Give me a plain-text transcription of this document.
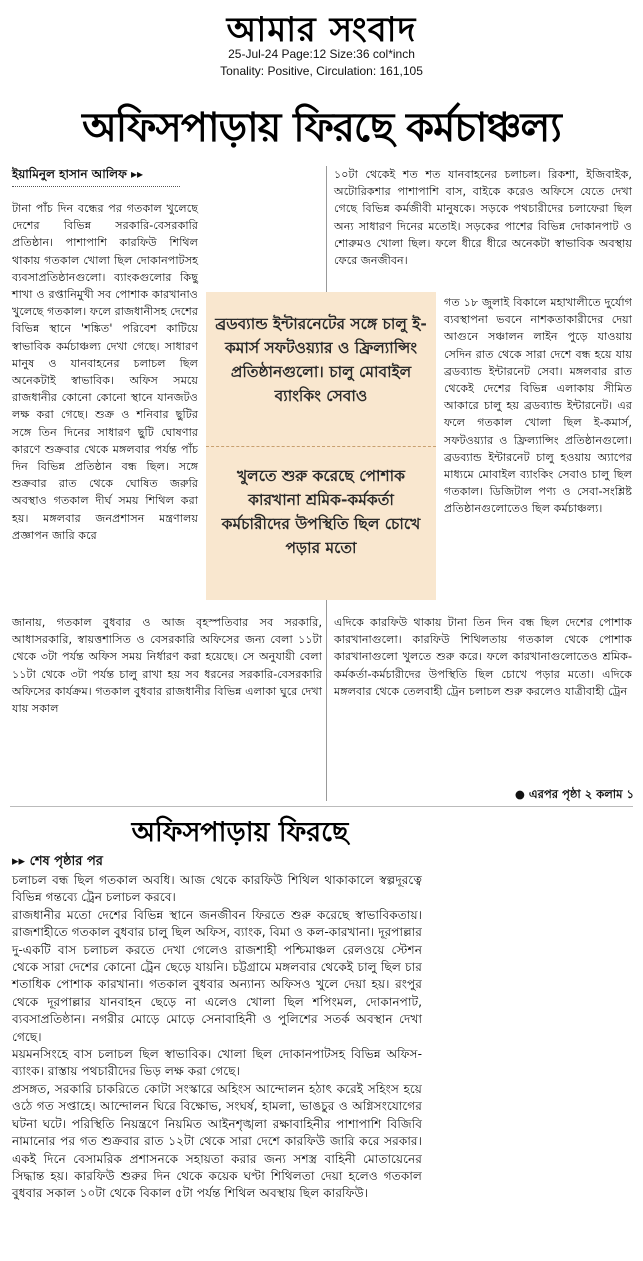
আমার সংবাদ
25-Jul-24 Page:12 Size:36 col*inch
Tonality: Positive, Circulation: 161,105
অফিসপাড়ায় ফিরছে কর্মচাঞ্চল্য
ইয়ামিনুল হাসান আলিফ ▸▸

টানা পাঁচ দিন বন্ধের পর গতকাল খুলেছে দেশের বিভিন্ন সরকারি-বেসরকারি প্রতিষ্ঠান। পাশাপাশি কারফিউ শিথিল থাকায় গতকাল খোলা ছিল দোকানপাটসহ ব্যবসাপ্রতিষ্ঠানগুলো। ব্যাংকগুলোর কিছু শাখা ও রপ্তানিমুখী সব পোশাক কারখানাও খুলেছে গতকাল। ফলে রাজধানীসহ দেশের বিভিন্ন স্থানে 'শঙ্কিত' পরিবেশ কাটিয়ে স্বাভাবিক কর্মচাঞ্চল্য দেখা গেছে। সাধারণ মানুষ ও যানবাহনের চলাচল ছিল অনেকটাই স্বাভাবিক। অফিস সময়ে রাজধানীর কোনো কোনো স্থানে যানজটও লক্ষ করা গেছে। শুক্র ও শনিবার ছুটির সঙ্গে তিন দিনের সাধারণ ছুটি ঘোষণার কারণে শুক্রবার থেকে মঙ্গলবার পর্যন্ত পাঁচ দিন বিভিন্ন প্রতিষ্ঠান বন্ধ ছিল। সঙ্গে শুক্রবার রাত থেকে ঘোষিত জরুরি অবস্থাও গতকাল দীর্ঘ সময় শিথিল করা হয়। মঙ্গলবার জনপ্রশাসন মন্ত্রণালয় প্রজ্ঞাপন জারি করে

১০টা থেকেই শত শত যানবাহনের চলাচল। রিকশা, ইজিবাইক, অটোরিকশার পাশাপাশি বাস, বাইকে করেও অফিসে যেতে দেখা গেছে বিভিন্ন কর্মজীবী মানুষকে। সড়কে পথচারীদের চলাফেরা ছিল অন্য সাধারণ দিনের মতোই। সড়কের পাশের বিভিন্ন দোকানপাট ও শোরুমও খোলা ছিল। ফলে ধীরে ধীরে অনেকটা স্বাভাবিক অবস্থায় ফেরে জনজীবন।

গত ১৮ জুলাই বিকালে মহাখালীতে দুর্যোগ ব্যবস্থাপনা ভবনে নাশকতাকারীদের দেয়া আগুনে সঞ্চালন লাইন পুড়ে যাওয়ায় সেদিন রাত থেকে সারা দেশে বন্ধ হয়ে যায় ব্রডব্যান্ড ইন্টারনেট সেবা। মঙ্গলবার রাত থেকেই দেশের বিভিন্ন এলাকায় সীমিত আকারে চালু হয় ব্রডব্যান্ড ইন্টারনেট। এর ফলে গতকাল খোলা ছিল ই-কমার্স, সফটওয়্যার ও ফ্রিল্যান্সিং প্রতিষ্ঠানগুলো। ব্রডব্যান্ড ইন্টারনেট চালু হওয়ায় অ্যাপের মাধ্যমে মোবাইল ব্যাংকিং সেবাও চালু ছিল গতকাল। ডিজিটাল পণ্য ও সেবা-সংশ্লিষ্ট প্রতিষ্ঠানগুলোতেও ছিল কর্মচাঞ্চল্য।

ব্রডব্যান্ড ইন্টারনেটের সঙ্গে চালু ই-কমার্স সফটওয়্যার ও ফ্রিল্যান্সিং প্রতিষ্ঠানগুলো। চালু মোবাইল ব্যাংকিং সেবাও
খুলতে শুরু করেছে পোশাক কারখানা শ্রমিক-কর্মকর্তা কর্মচারীদের উপস্থিতি ছিল চোখে পড়ার মতো

জানায়, গতকাল বুধবার ও আজ বৃহস্পতিবার সব সরকারি, আধাসরকারি, স্বায়ত্তশাসিত ও বেসরকারি অফিসের জন্য বেলা ১১টা থেকে ৩টা পর্যন্ত অফিস সময় নির্ধারণ করা হয়েছে। সে অনুযায়ী বেলা ১১টা থেকে ৩টা পর্যন্ত চালু রাখা হয় সব ধরনের সরকারি-বেসরকারি অফিসের কার্যক্রম। গতকাল বুধবার রাজধানীর বিভিন্ন এলাকা ঘুরে দেখা যায় সকাল

এদিকে কারফিউ থাকায় টানা তিন দিন বন্ধ ছিল দেশের পোশাক কারখানাগুলো। কারফিউ শিথিলতায় গতকাল থেকে পোশাক কারখানাগুলো খুলতে শুরু করে। ফলে কারখানাগুলোতেও শ্রমিক-কর্মকর্তা-কর্মচারীদের উপস্থিতি ছিল চোখে পড়ার মতো। এদিকে মঙ্গলবার থেকে তেলবাহী ট্রেন চলাচল শুরু করলেও যাত্রীবাহী ট্রেন

● এরপর পৃষ্ঠা ২ কলাম ১
অফিসপাড়ায় ফিরছে
▸▸ শেষ পৃষ্ঠার পর

চলাচল বন্ধ ছিল গতকাল অবধি। আজ থেকে কারফিউ শিথিল থাকাকালে স্বল্পদূরত্বে বিভিন্ন গন্তব্যে ট্রেন চলাচল করবে।

রাজধানীর মতো দেশের বিভিন্ন স্থানে জনজীবন ফিরতে শুরু করেছে স্বাভাবিকতায়। রাজশাহীতে গতকাল বুধবার চালু ছিল অফিস, ব্যাংক, বিমা ও কল-কারখানা। দূরপাল্লার দু-একটি বাস চলাচল করতে দেখা গেলেও রাজশাহী পশ্চিমাঞ্চল রেলওয়ে স্টেশন থেকে সারা দেশের কোনো ট্রেন ছেড়ে যায়নি। চট্টগ্রামে মঙ্গলবার থেকেই চালু ছিল চার শতাধিক পোশাক কারখানা। গতকাল বুধবার অন্যান্য অফিসও খুলে দেয়া হয়। রংপুর থেকে দূরপাল্লার যানবাহন ছেড়ে না এলেও খোলা ছিল শপিংমল, দোকানপাট, ব্যবসাপ্রতিষ্ঠান। নগরীর মোড়ে মোড়ে সেনাবাহিনী ও পুলিশের সতর্ক অবস্থান দেখা গেছে।

ময়মনসিংহে বাস চলাচল ছিল স্বাভাবিক। খোলা ছিল দোকানপাটসহ বিভিন্ন অফিস-ব্যাংক। রাস্তায় পথচারীদের ভিড় লক্ষ করা গেছে।

প্রসঙ্গত, সরকারি চাকরিতে কোটা সংস্কারে অহিংস আন্দোলন হঠাৎ করেই সহিংস হয়ে ওঠে গত সপ্তাহে। আন্দোলন ঘিরে বিক্ষোভ, সংঘর্ষ, হামলা, ভাঙচুর ও অগ্নিসংযোগের ঘটনা ঘটে। পরিস্থিতি নিয়ন্ত্রণে নিয়মিত আইনশৃঙ্খলা রক্ষাবাহিনীর পাশাপাশি বিজিবি নামানোর পর গত শুক্রবার রাত ১২টা থেকে সারা দেশে কারফিউ জারি করে সরকার। একই দিনে বেসামরিক প্রশাসনকে সহায়তা করার জন্য সশস্ত্র বাহিনী মোতায়েনের সিদ্ধান্ত হয়। কারফিউ শুরুর দিন থেকে কয়েক ঘণ্টা শিথিলতা দেয়া হলেও গতকাল বুধবার সকাল ১০টা থেকে বিকাল ৫টা পর্যন্ত শিথিল অবস্থায় ছিল কারফিউ।
